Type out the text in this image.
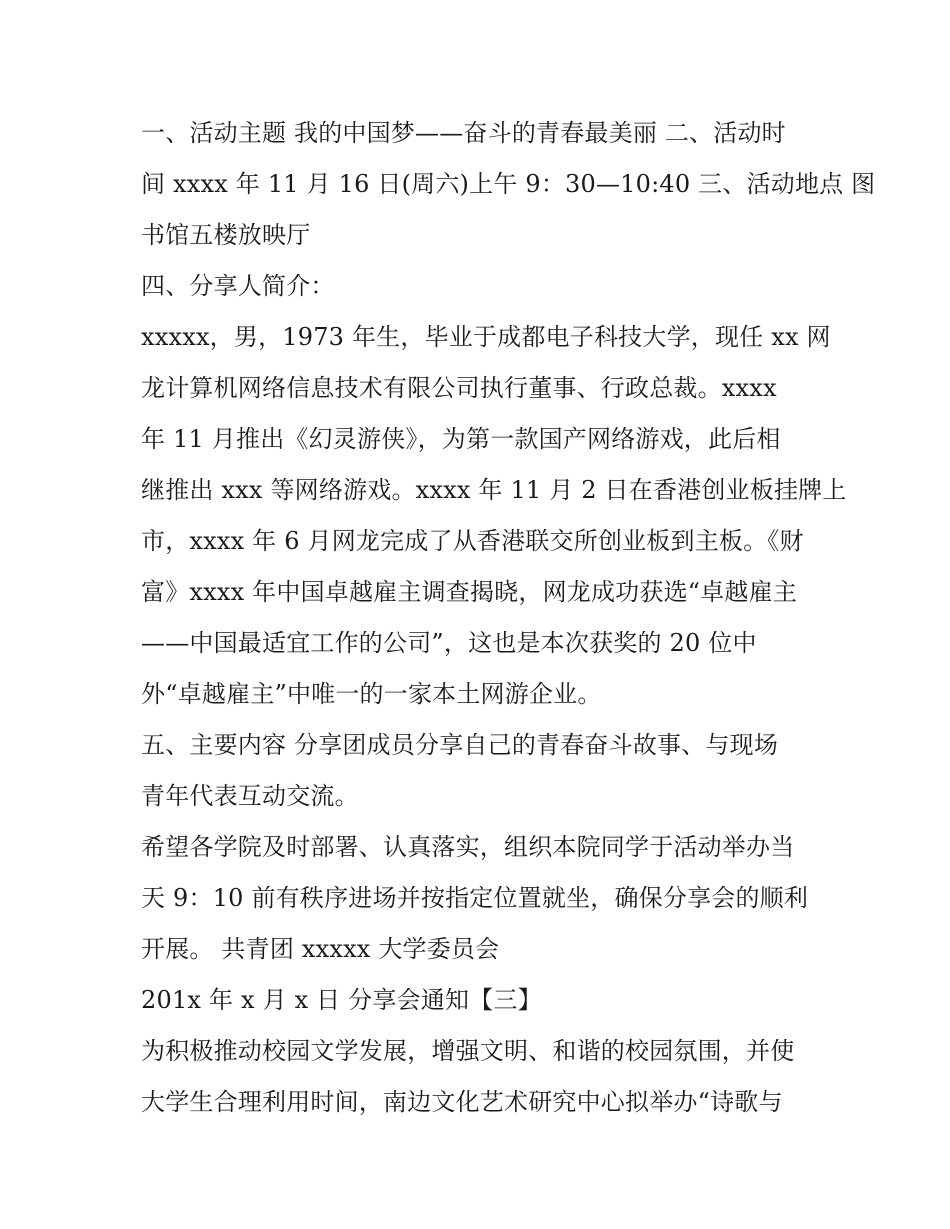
一、活动主题 我的中国梦——奋斗的青春最美丽 二、活动时
间 xxxx 年 11 月 16 日(周六)上午 9：30—10:40 三、活动地点 图
书馆五楼放映厅
四、分享人简介：
xxxxx，男，1973 年生，毕业于成都电子科技大学，现任 xx 网
龙计算机网络信息技术有限公司执行董事、行政总裁。xxxx
年 11 月推出《幻灵游侠》，为第一款国产网络游戏，此后相
继推出 xxx 等网络游戏。xxxx 年 11 月 2 日在香港创业板挂牌上
市，xxxx 年 6 月网龙完成了从香港联交所创业板到主板。《财
富》xxxx 年中国卓越雇主调查揭晓，网龙成功获选“卓越雇主
——中国最适宜工作的公司”，这也是本次获奖的 20 位中
外“卓越雇主”中唯一的一家本土网游企业。
五、主要内容 分享团成员分享自己的青春奋斗故事、与现场
青年代表互动交流。
希望各学院及时部署、认真落实，组织本院同学于活动举办当
天 9：10 前有秩序进场并按指定位置就坐，确保分享会的顺利
开展。 共青团 xxxxx 大学委员会
201x 年 x 月 x 日 分享会通知【三】
为积极推动校园文学发展，增强文明、和谐的校园氛围，并使
大学生合理利用时间，南边文化艺术研究中心拟举办“诗歌与
